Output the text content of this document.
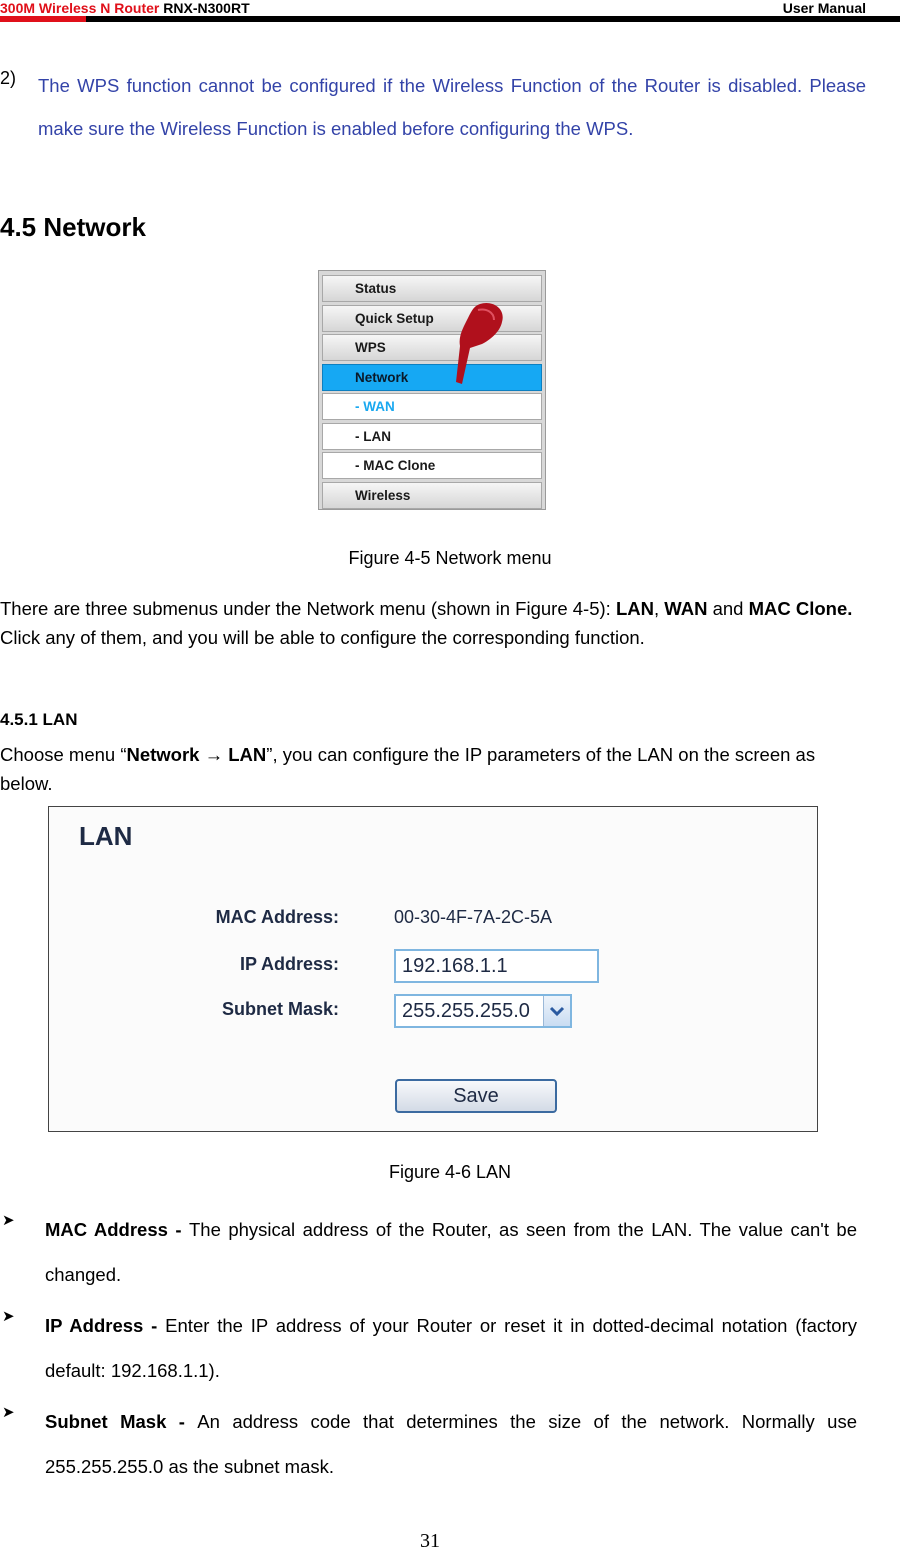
300M Wireless N Router RNX-N300RT	User Manual
2) The WPS function cannot be configured if the Wireless Function of the Router is disabled. Please make sure the Wireless Function is enabled before configuring the WPS.
4.5 Network
Status
Quick Setup
WPS
Network
- WAN
- LAN
- MAC Clone
Wireless
Figure 4-5 Network menu
There are three submenus under the Network menu (shown in Figure 4-5): LAN, WAN and MAC Clone. Click any of them, and you will be able to configure the corresponding function.
4.5.1 LAN
Choose menu “Network → LAN”, you can configure the IP parameters of the LAN on the screen as below.
LAN
MAC Address:	00-30-4F-7A-2C-5A
IP Address:	192.168.1.1
Subnet Mask:	255.255.255.0
Save
Figure 4-6 LAN
➤ MAC Address - The physical address of the Router, as seen from the LAN. The value can't be changed.
➤ IP Address - Enter the IP address of your Router or reset it in dotted-decimal notation (factory default: 192.168.1.1).
➤ Subnet Mask - An address code that determines the size of the network. Normally use 255.255.255.0 as the subnet mask.
31
